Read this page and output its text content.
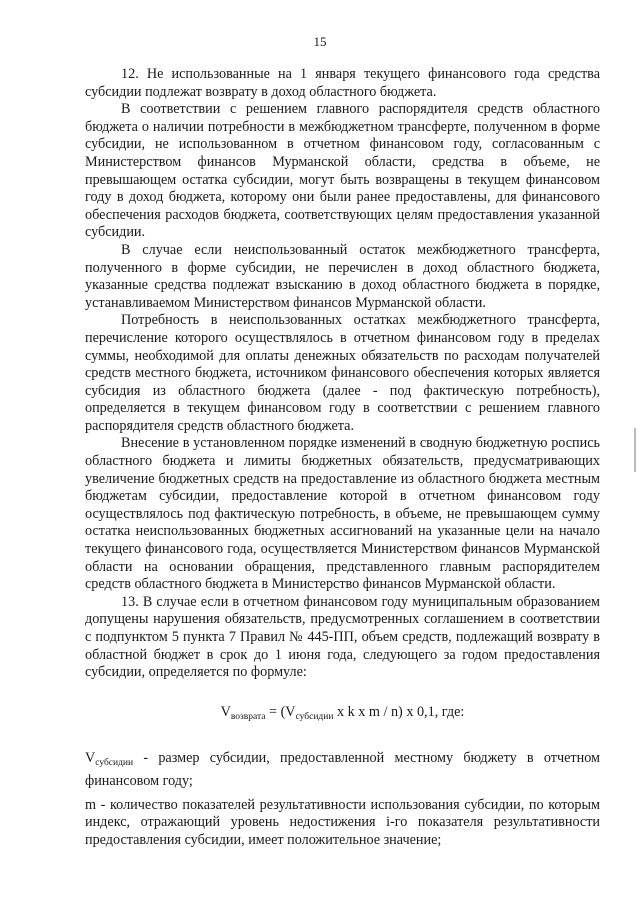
15

12. Не использованные на 1 января текущего финансового года средства субсидии подлежат возврату в доход областного бюджета.

В соответствии с решением главного распорядителя средств областного бюджета о наличии потребности в межбюджетном трансферте, полученном в форме субсидии, не использованном в отчетном финансовом году, согласованным с Министерством финансов Мурманской области, средства в объеме, не превышающем остатка субсидии, могут быть возвращены в текущем финансовом году в доход бюджета, которому они были ранее предоставлены, для финансового обеспечения расходов бюджета, соответствующих целям предоставления указанной субсидии.

В случае если неиспользованный остаток межбюджетного трансферта, полученного в форме субсидии, не перечислен в доход областного бюджета, указанные средства подлежат взысканию в доход областного бюджета в порядке, устанавливаемом Министерством финансов Мурманской области.

Потребность в неиспользованных остатках межбюджетного трансферта, перечисление которого осуществлялось в отчетном финансовом году в пределах суммы, необходимой для оплаты денежных обязательств по расходам получателей средств местного бюджета, источником финансового обеспечения которых является субсидия из областного бюджета (далее - под фактическую потребность), определяется в текущем финансовом году в соответствии с решением главного распорядителя средств областного бюджета.

Внесение в установленном порядке изменений в сводную бюджетную роспись областного бюджета и лимиты бюджетных обязательств, предусматривающих увеличение бюджетных средств на предоставление из областного бюджета местным бюджетам субсидии, предоставление которой в отчетном финансовом году осуществлялось под фактическую потребность, в объеме, не превышающем сумму остатка неиспользованных бюджетных ассигнований на указанные цели на начало текущего финансового года, осуществляется Министерством финансов Мурманской области на основании обращения, представленного главным распорядителем средств областного бюджета в Министерство финансов Мурманской области.

13. В случае если в отчетном финансовом году муниципальным образованием допущены нарушения обязательств, предусмотренных соглашением в соответствии с подпунктом 5 пункта 7 Правил № 445-ПП, объем средств, подлежащий возврату в областной бюджет в срок до 1 июня года, следующего за годом предоставления субсидии, определяется по формуле:

$V_{возврата} = (V_{субсидии}$ x k x m / n) x 0,1, где:

$V_{субсидии}$ - размер субсидии, предоставленной местному бюджету в отчетном финансовом году;

m - количество показателей результативности использования субсидии, по которым индекс, отражающий уровень недостижения i-го показателя результативности предоставления субсидии, имеет положительное значение;
